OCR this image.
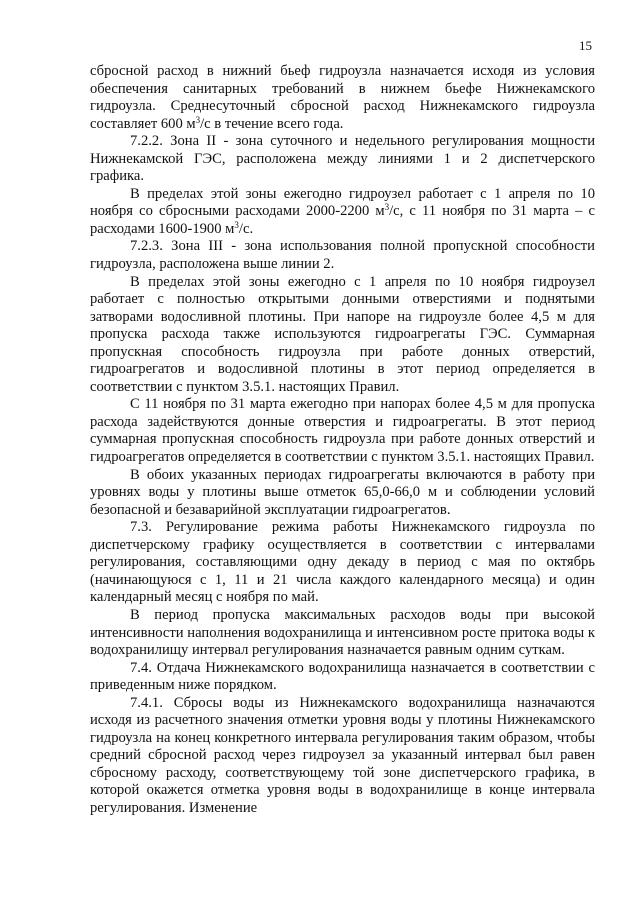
15

сбросной расход в нижний бьеф гидроузла назначается исходя из условия обеспечения санитарных требований в нижнем бьефе Нижнекамского гидроузла. Среднесуточный сбросной расход Нижнекамского гидроузла составляет 600 $м^3/с$ в течение всего года.

7.2.2. Зона II - зона суточного и недельного регулирования мощности Нижнекамской ГЭС, расположена между линиями 1 и 2 диспетчерского графика.

В пределах этой зоны ежегодно гидроузел работает с 1 апреля по 10 ноября со сбросными расходами 2000-2200 $м^3/с$, с 11 ноября по 31 марта – с расходами 1600-1900 $м^3/с$.

7.2.3. Зона III - зона использования полной пропускной способности гидроузла, расположена выше линии 2.

В пределах этой зоны ежегодно с 1 апреля по 10 ноября гидроузел работает с полностью открытыми донными отверстиями и поднятыми затворами водосливной плотины. При напоре на гидроузле более 4,5 м для пропуска расхода также используются гидроагрегаты ГЭС. Суммарная пропускная способность гидроузла при работе донных отверстий, гидроагрегатов и водосливной плотины в этот период определяется в соответствии с пунктом 3.5.1. настоящих Правил.

С 11 ноября по 31 марта ежегодно при напорах более 4,5 м для пропуска расхода задействуются донные отверстия и гидроагрегаты. В этот период суммарная пропускная способность гидроузла при работе донных отверстий и гидроагрегатов определяется в соответствии с пунктом 3.5.1. настоящих Правил.

В обоих указанных периодах гидроагрегаты включаются в работу при уровнях воды у плотины выше отметок 65,0-66,0 м и соблюдении условий безопасной и безаварийной эксплуатации гидроагрегатов.

7.3. Регулирование режима работы Нижнекамского гидроузла по диспетчерскому графику осуществляется в соответствии с интервалами регулирования, составляющими одну декаду в период с мая по октябрь (начинающуюся с 1, 11 и 21 числа каждого календарного месяца) и один календарный месяц с ноября по май.

В период пропуска максимальных расходов воды при высокой интенсивности наполнения водохранилища и интенсивном росте притока воды к водохранилищу интервал регулирования назначается равным одним суткам.

7.4. Отдача Нижнекамского водохранилища назначается в соответствии с приведенным ниже порядком.

7.4.1. Сбросы воды из Нижнекамского водохранилища назначаются исходя из расчетного значения отметки уровня воды у плотины Нижнекамского гидроузла на конец конкретного интервала регулирования таким образом, чтобы средний сбросной расход через гидроузел за указанный интервал был равен сбросному расходу, соответствующему той зоне диспетчерского графика, в которой окажется отметка уровня воды в водохранилище в конце интервала регулирования. Изменение
